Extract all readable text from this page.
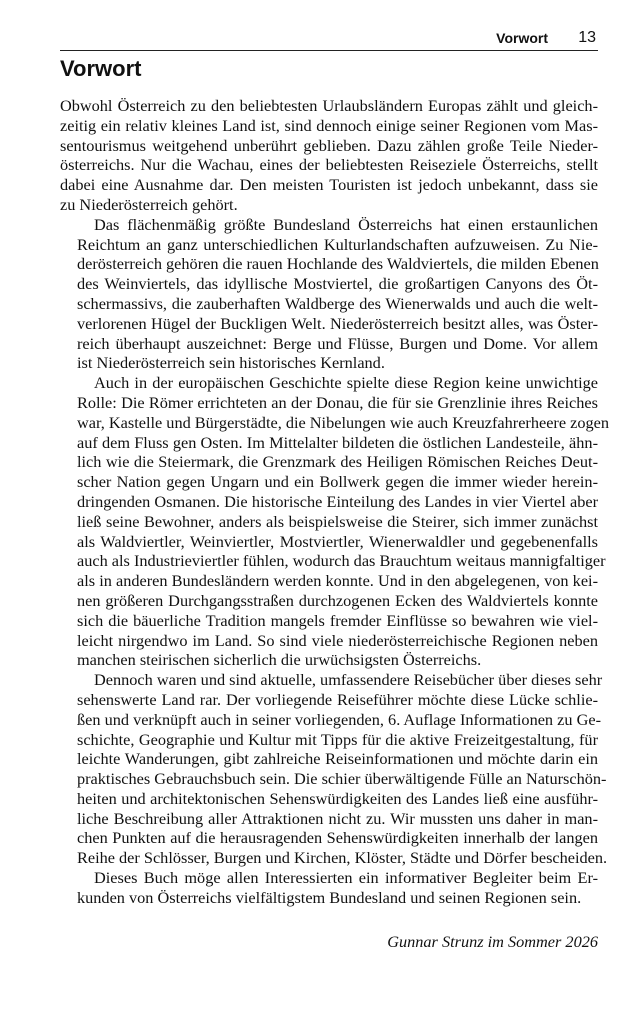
Vorwort 13
Vorwort

Obwohl Österreich zu den beliebtesten Urlaubsländern Europas zählt und gleich-
zeitig ein relativ kleines Land ist, sind dennoch einige seiner Regionen vom Mas-
sentourismus weitgehend unberührt geblieben. Dazu zählen große Teile Nieder-
österreichs. Nur die Wachau, eines der beliebtesten Reiseziele Österreichs, stellt
dabei eine Ausnahme dar. Den meisten Touristen ist jedoch unbekannt, dass sie
zu Niederösterreich gehört.

Das flächenmäßig größte Bundesland Österreichs hat einen erstaunlichen
Reichtum an ganz unterschiedlichen Kulturlandschaften aufzuweisen. Zu Nie-
derösterreich gehören die rauen Hochlande des Waldviertels, die milden Ebenen
des Weinviertels, das idyllische Mostviertel, die großartigen Canyons des Öt-
schermassivs, die zauberhaften Waldberge des Wienerwalds und auch die welt-
verlorenen Hügel der Buckligen Welt. Niederösterreich besitzt alles, was Öster-
reich überhaupt auszeichnet: Berge und Flüsse, Burgen und Dome. Vor allem
ist Niederösterreich sein historisches Kernland.

Auch in der europäischen Geschichte spielte diese Region keine unwichtige
Rolle: Die Römer errichteten an der Donau, die für sie Grenzlinie ihres Reiches
war, Kastelle und Bürgerstädte, die Nibelungen wie auch Kreuzfahrerheere zogen
auf dem Fluss gen Osten. Im Mittelalter bildeten die östlichen Landesteile, ähn-
lich wie die Steiermark, die Grenzmark des Heiligen Römischen Reiches Deut-
scher Nation gegen Ungarn und ein Bollwerk gegen die immer wieder herein-
dringenden Osmanen. Die historische Einteilung des Landes in vier Viertel aber
ließ seine Bewohner, anders als beispielsweise die Steirer, sich immer zunächst
als Waldviertler, Weinviertler, Mostviertler, Wienerwaldler und gegebenenfalls
auch als Industrieviertler fühlen, wodurch das Brauchtum weitaus mannigfaltiger
als in anderen Bundesländern werden konnte. Und in den abgelegenen, von kei-
nen größeren Durchgangsstraßen durchzogenen Ecken des Waldviertels konnte
sich die bäuerliche Tradition mangels fremder Einflüsse so bewahren wie viel-
leicht nirgendwo im Land. So sind viele niederösterreichische Regionen neben
manchen steirischen sicherlich die urwüchsigsten Österreichs.

Dennoch waren und sind aktuelle, umfassendere Reisebücher über dieses sehr
sehenswerte Land rar. Der vorliegende Reiseführer möchte diese Lücke schlie-
ßen und verknüpft auch in seiner vorliegenden, 6. Auflage Informationen zu Ge-
schichte, Geographie und Kultur mit Tipps für die aktive Freizeitgestaltung, für
leichte Wanderungen, gibt zahlreiche Reiseinformationen und möchte darin ein
praktisches Gebrauchsbuch sein. Die schier überwältigende Fülle an Naturschön-
heiten und architektonischen Sehenswürdigkeiten des Landes ließ eine ausführ-
liche Beschreibung aller Attraktionen nicht zu. Wir mussten uns daher in man-
chen Punkten auf die herausragenden Sehenswürdigkeiten innerhalb der langen
Reihe der Schlösser, Burgen und Kirchen, Klöster, Städte und Dörfer bescheiden.

Dieses Buch möge allen Interessierten ein informativer Begleiter beim Er-
kunden von Österreichs vielfältigstem Bundesland und seinen Regionen sein.

Gunnar Strunz im Sommer 2026
